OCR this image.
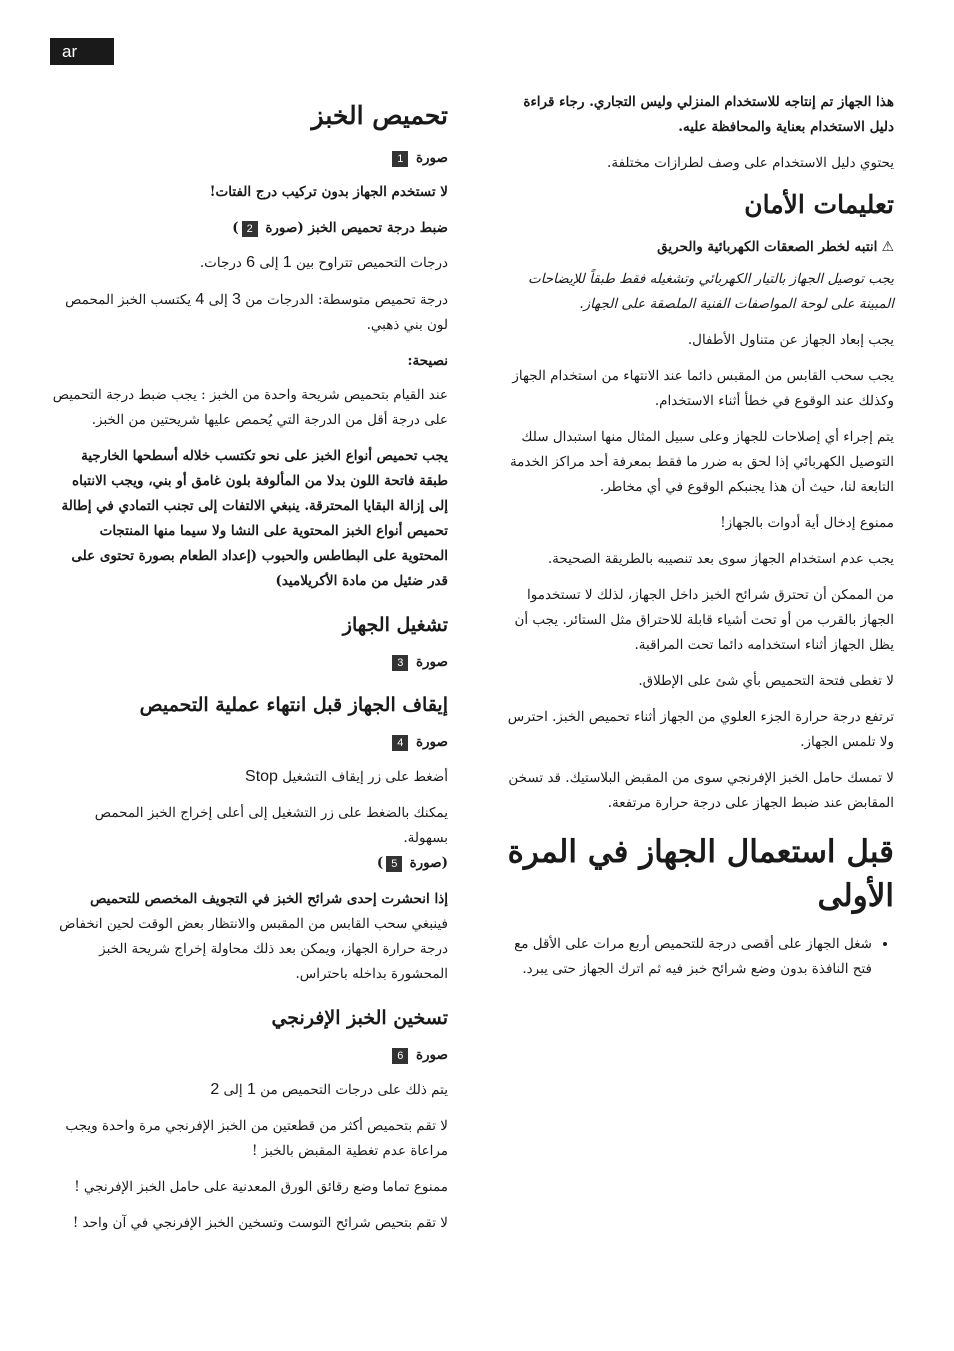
ar

هذا الجهاز تم إنتاجه للاستخدام المنزلي وليس التجاري. رجاء قراءة دليل الاستخدام بعناية والمحافظة عليه.

يحتوي دليل الاستخدام على وصف لطرازات مختلفة.

تعليمات الأمان
⚠انتبه لخطر الصعقات الكهربائية والحريق

يجب توصيل الجهاز بالتيار الكهربائي وتشغيله فقط طبقاً للإيضاحات المبينة على لوحة المواصفات الفنية الملصقة على الجهاز.

يجب إبعاد الجهاز عن متناول الأطفال.

يجب سحب القابس من المقبس دائما عند الانتهاء من استخدام الجهاز وكذلك عند الوقوع في خطأ أثناء الاستخدام.

يتم إجراء أي إصلاحات للجهاز وعلى سبيل المثال منها استبدال سلك التوصيل الكهربائي إذا لحق به ضرر ما فقط بمعرفة أحد مراكز الخدمة التابعة لنا، حيث أن هذا يجنبكم الوقوع في أي مخاطر.

ممنوع إدخال أية أدوات بالجهاز!

يجب عدم استخدام الجهاز سوى بعد تنصيبه بالطريقة الصحيحة.

من الممكن أن تحترق شرائح الخبز داخل الجهاز، لذلك لا تستخدموا الجهاز بالقرب من أو تحت أشياء قابلة للاحتراق مثل الستائر. يجب أن يظل الجهاز أثناء استخدامه دائما تحت المراقبة.

لا تغطى فتحة التحميص بأي شئ على الإطلاق.

ترتفع درجة حرارة الجزء العلوي من الجهاز أثناء تحميص الخبز. احترس ولا تلمس الجهاز.

لا تمسك حامل الخبز الإفرنجي سوى من المقبض البلاستيك. قد تسخن المقابض عند ضبط الجهاز على درجة حرارة مرتفعة.

قبل استعمال الجهاز في المرة الأولى
• شغل الجهاز على أقصى درجة للتحميص أربع مرات على الأقل مع فتح النافذة بدون وضع شرائح خبز فيه ثم اترك الجهاز حتى يبرد.
تحميص الخبز
صورة 1

لا تستخدم الجهاز بدون تركيب درج الفتات!

ضبط درجة تحميص الخبز (صورة 2)

درجات التحميص تتراوح بين 1 إلى 6 درجات.

درجة تحميص متوسطة: الدرجات من 3 إلى 4 يكتسب الخبز المحمص لون بني ذهبي.

نصيحة:

عند القيام بتحميص شريحة واحدة من الخبز : يجب ضبط درجة التحميص على درجة أقل من الدرجة التي يُحمص عليها شريحتين من الخبز.

يجب تحميص أنواع الخبز على نحو تكتسب خلاله أسطحها الخارجية طبقة فاتحة اللون بدلا من المألوفة بلون غامق أو بني، ويجب الانتباه إلى إزالة البقايا المحترقة. ينبغي الالتفات إلى تجنب التمادي في إطالة تحميص أنواع الخبز المحتوية على النشا ولا سيما منها المنتجات المحتوية على البطاطس والحبوب (إعداد الطعام بصورة تحتوى على قدر ضئيل من مادة الأكريلاميد)

تشغيل الجهاز
صورة 3
إيقاف الجهاز قبل انتهاء عملية التحميص
صورة 4

أضغط على زر إيقاف التشغيل Stop

يمكنك بالضغط على زر التشغيل إلى أعلى إخراج الخبز المحمص بسهولة.
(صورة 5)

إذا انحشرت إحدى شرائح الخبز في التجويف المخصص للتحميص فينبغي سحب القابس من المقبس والانتظار بعض الوقت لحين انخفاض درجة حرارة الجهاز، ويمكن بعد ذلك محاولة إخراج شريحة الخبز المحشورة بداخله باحتراس.

تسخين الخبز الإفرنجي
صورة 6

يتم ذلك على درجات التحميص من 1 إلى 2

لا تقم بتحميص أكثر من قطعتين من الخبز الإفرنجي مرة واحدة ويجب مراعاة عدم تغطية المقبض بالخبز !

ممنوع تماما وضع رقائق الورق المعدنية على حامل الخبز الإفرنجي !

لا تقم بتحيص شرائح التوست وتسخين الخبز الإفرنجي في آن واحد !
